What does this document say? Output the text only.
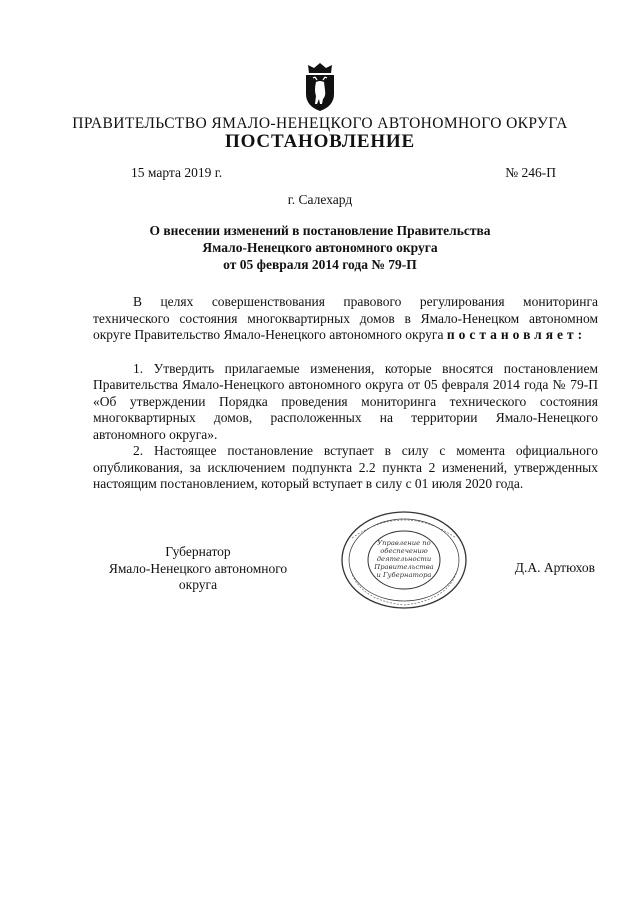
ПРАВИТЕЛЬСТВО ЯМАЛО-НЕНЕЦКОГО АВТОНОМНОГО ОКРУГА
ПОСТАНОВЛЕНИЕ
15 марта 2019 г.	№ 246-П
г. Салехард
О внесении изменений в постановление Правительства
Ямало-Ненецкого автономного округа
от 05 февраля 2014 года № 79-П

В целях совершенствования правового регулирования мониторинга технического состояния многоквартирных домов в Ямало-Ненецком автономном округе Правительство Ямало-Ненецкого автономного округа постановляет:

1. Утвердить прилагаемые изменения, которые вносятся постановлением Правительства Ямало-Ненецкого автономного округа от 05 февраля 2014 года № 79-П «Об утверждении Порядка проведения мониторинга технического состояния многоквартирных домов, расположенных на территории Ямало-Ненецкого автономного округа».

2. Настоящее постановление вступает в силу с момента официального опубликования, за исключением подпункта 2.2 пункта 2 изменений, утвержденных настоящим постановлением, который вступает в силу с 01 июля 2020 года.

Губернатор
Ямало-Ненецкого автономного округа
Управление по
обеспечению
деятельности
Правительства
и Губернатора	Д.А. Артюхов
